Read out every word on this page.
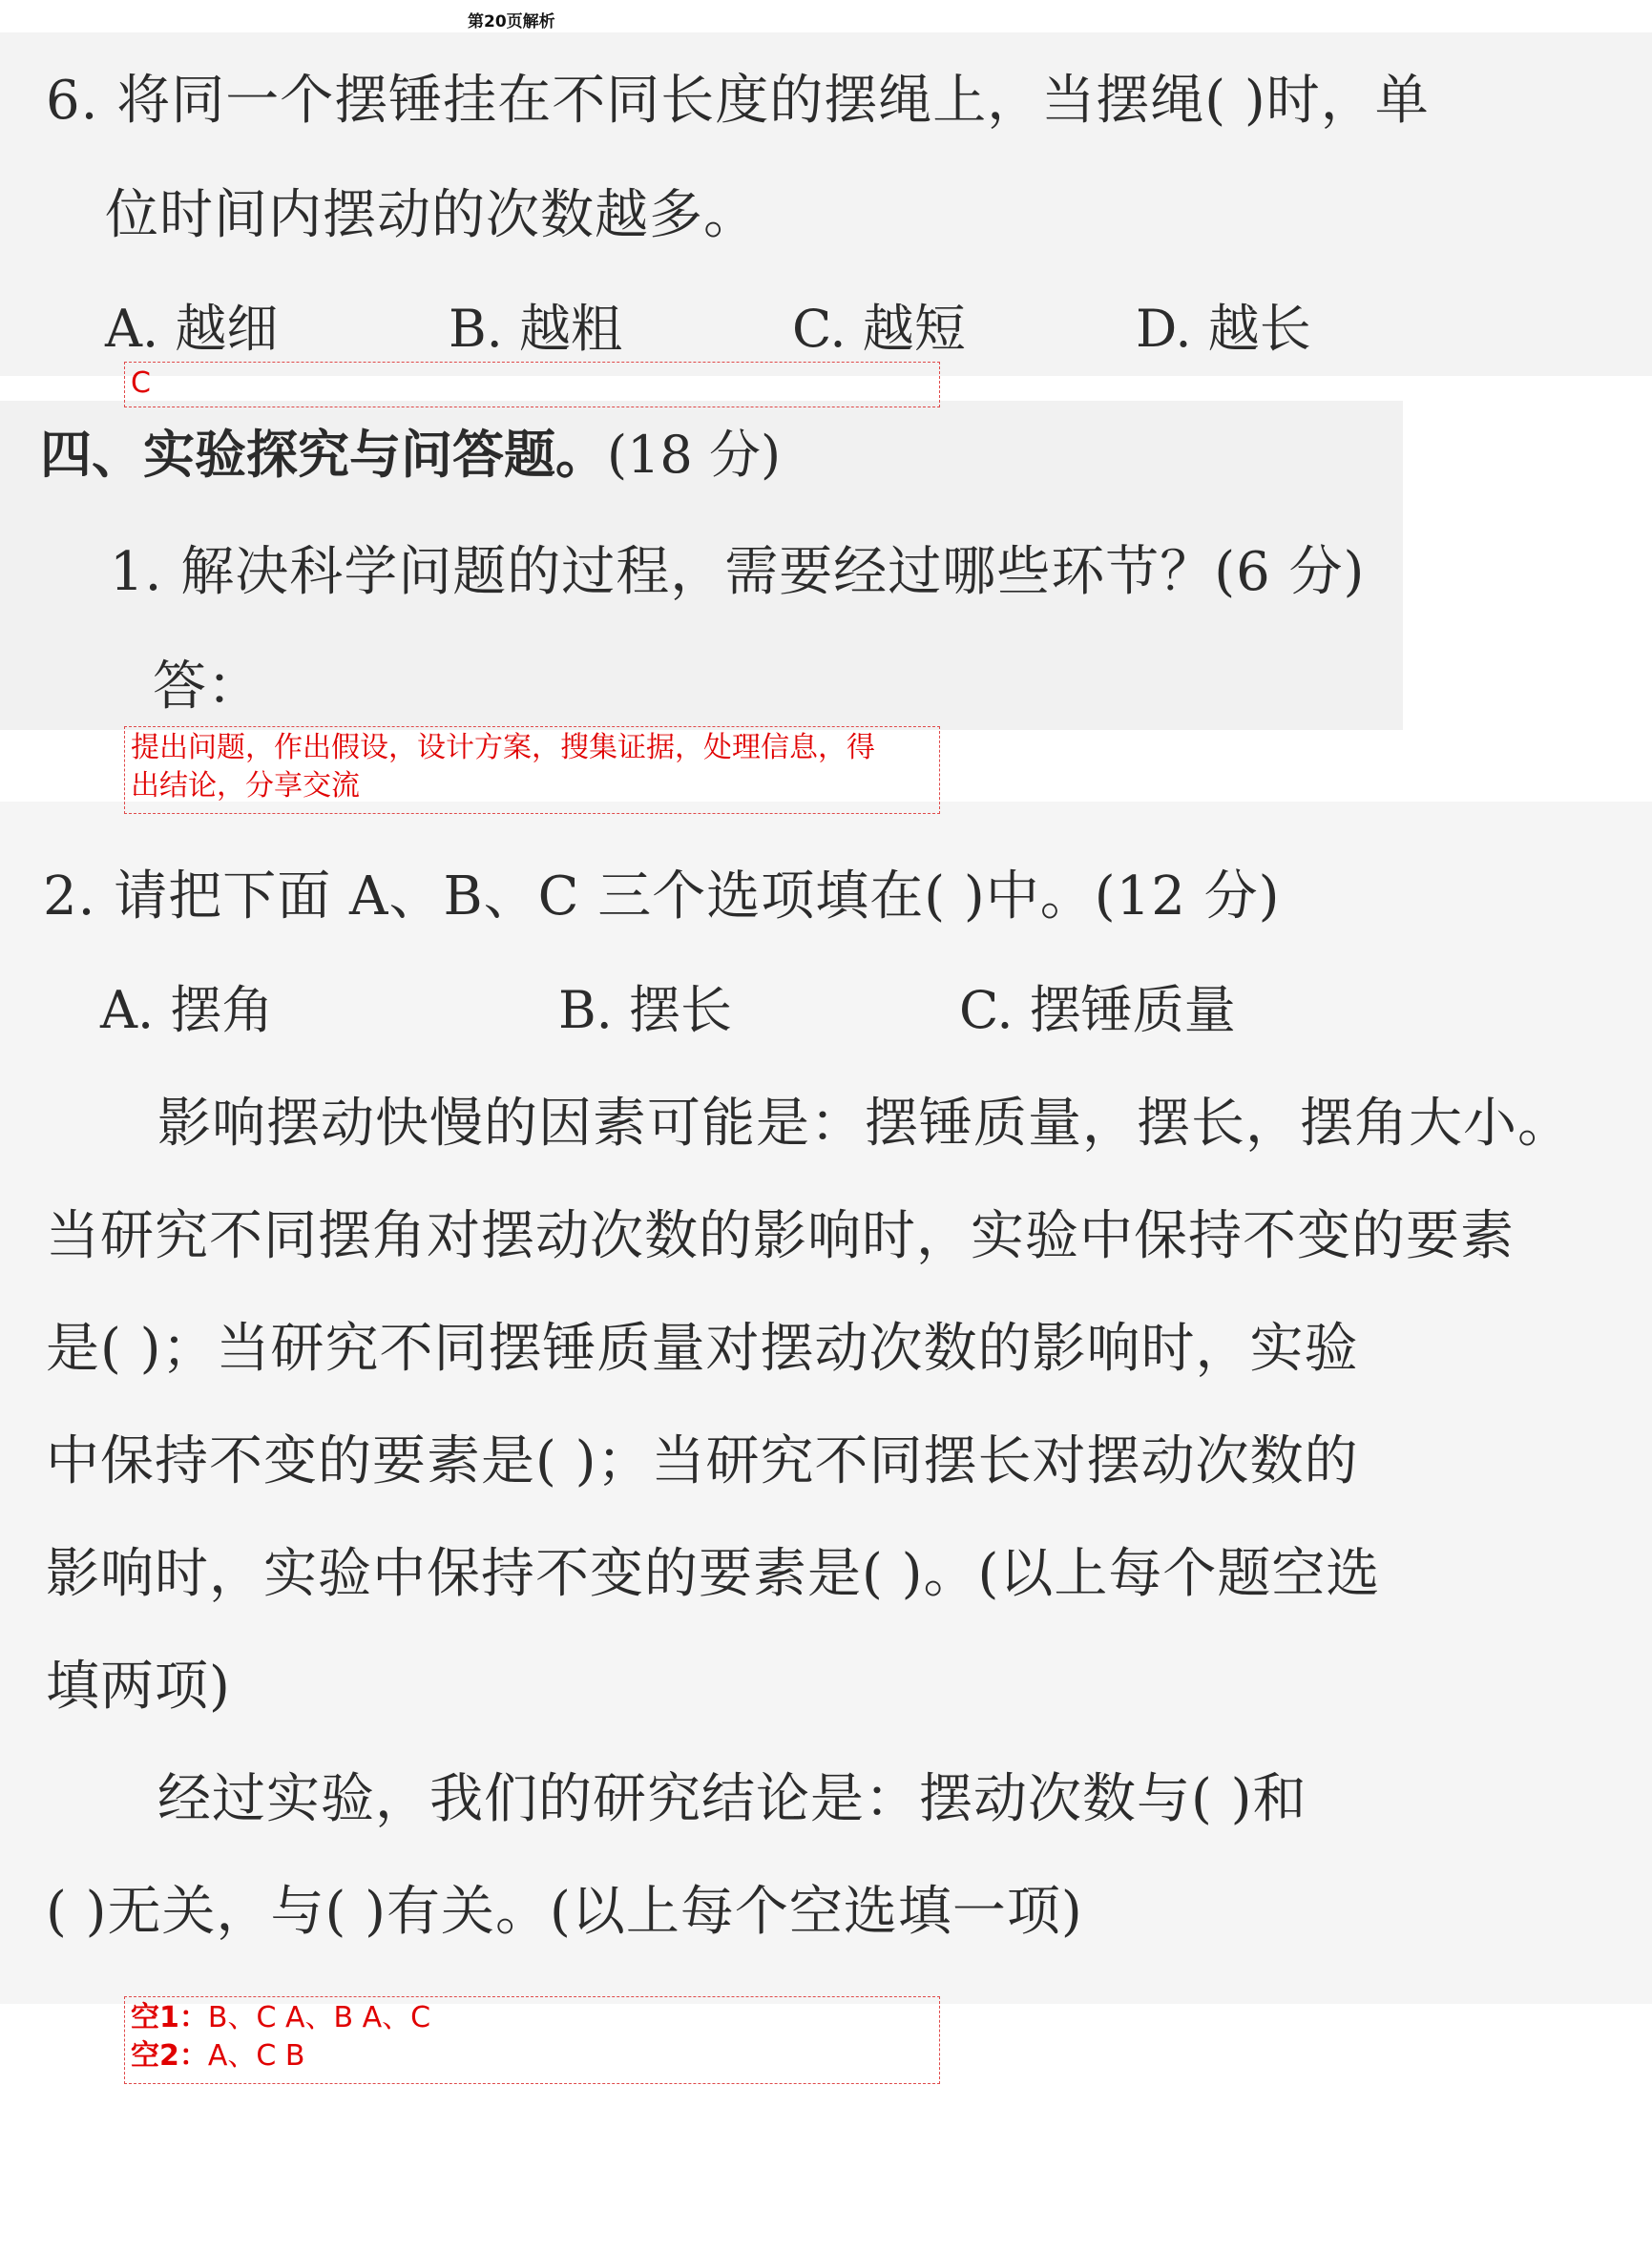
第20页解析
6. 将同一个摆锤挂在不同长度的摆绳上，当摆绳( )时，单
位时间内摆动的次数越多。
A. 越细	B. 越粗	C. 越短	D. 越长
C
四、实验探究与问答题。(18 分)
1. 解决科学问题的过程，需要经过哪些环节？(6 分)
答：
提出问题，作出假设，设计方案，搜集证据，处理信息，得
出结论，分享交流
2. 请把下面 A、B、C 三个选项填在( )中。(12 分)
A. 摆角	B. 摆长	C. 摆锤质量
影响摆动快慢的因素可能是：摆锤质量，摆长，摆角大小。
当研究不同摆角对摆动次数的影响时，实验中保持不变的要素
是( )；当研究不同摆锤质量对摆动次数的影响时，实验
中保持不变的要素是( )；当研究不同摆长对摆动次数的
影响时，实验中保持不变的要素是( )。(以上每个题空选
填两项)
经过实验，我们的研究结论是：摆动次数与( )和
( )无关，与( )有关。(以上每个空选填一项)
空1：B、C A、B A、C
空2：A、C B
